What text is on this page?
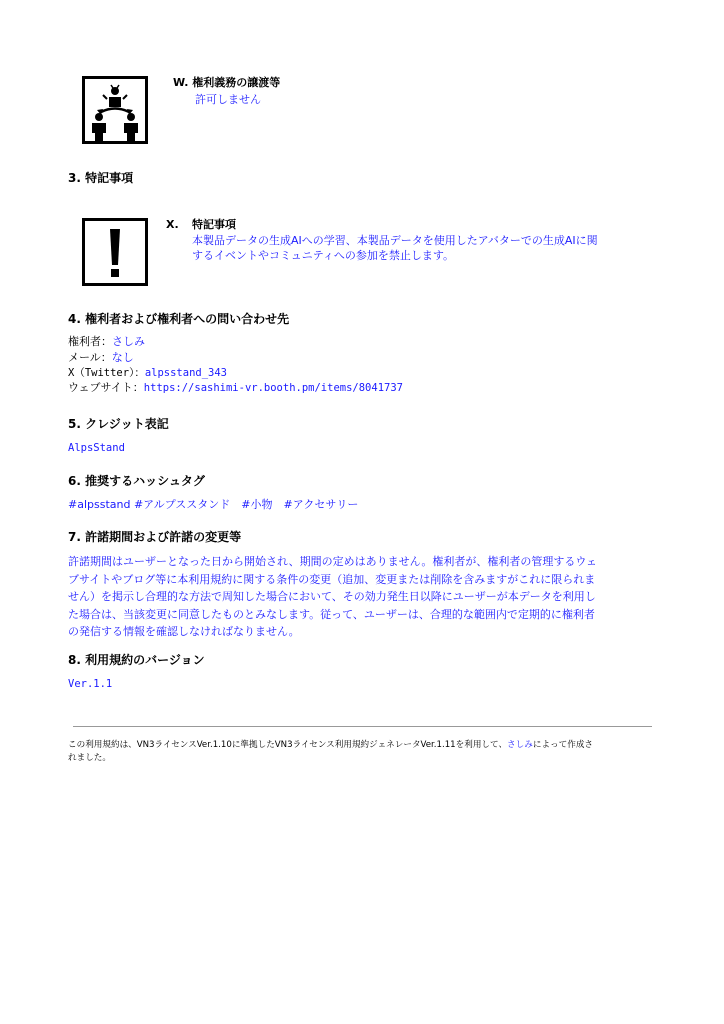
W. 権利義務の譲渡等
許可しません
3. 特記事項
X. 特記事項
本製品データの生成AIへの学習、本製品データを使用したアバターでの生成AIに関
するイベントやコミュニティへの参加を禁止します。
4. 権利者および権利者への問い合わせ先
権利者：さしみ
メール：なし
X（Twitter）：alpsstand_343
ウェブサイト：https://sashimi-vr.booth.pm/items/8041737
5. クレジット表記
AlpsStand
6. 推奨するハッシュタグ
#alpsstand #アルプススタンド　#小物　#アクセサリー
7. 許諾期間および許諾の変更等
許諾期間はユーザーとなった日から開始され、期間の定めはありません。権利者が、権利者の管理するウェ
ブサイトやブログ等に本利用規約に関する条件の変更（追加、変更または削除を含みますがこれに限られま
せん）を掲示し合理的な方法で周知した場合において、その効力発生日以降にユーザーが本データを利用し
た場合は、当該変更に同意したものとみなします。従って、ユーザーは、合理的な範囲内で定期的に権利者
の発信する情報を確認しなければなりません。
8. 利用規約のバージョン
Ver.1.1
この利用規約は、VN3ライセンスVer.1.10に準拠したVN3ライセンス利用規約ジェネレータVer.1.11を利用して、さしみによって作成さ
れました。
